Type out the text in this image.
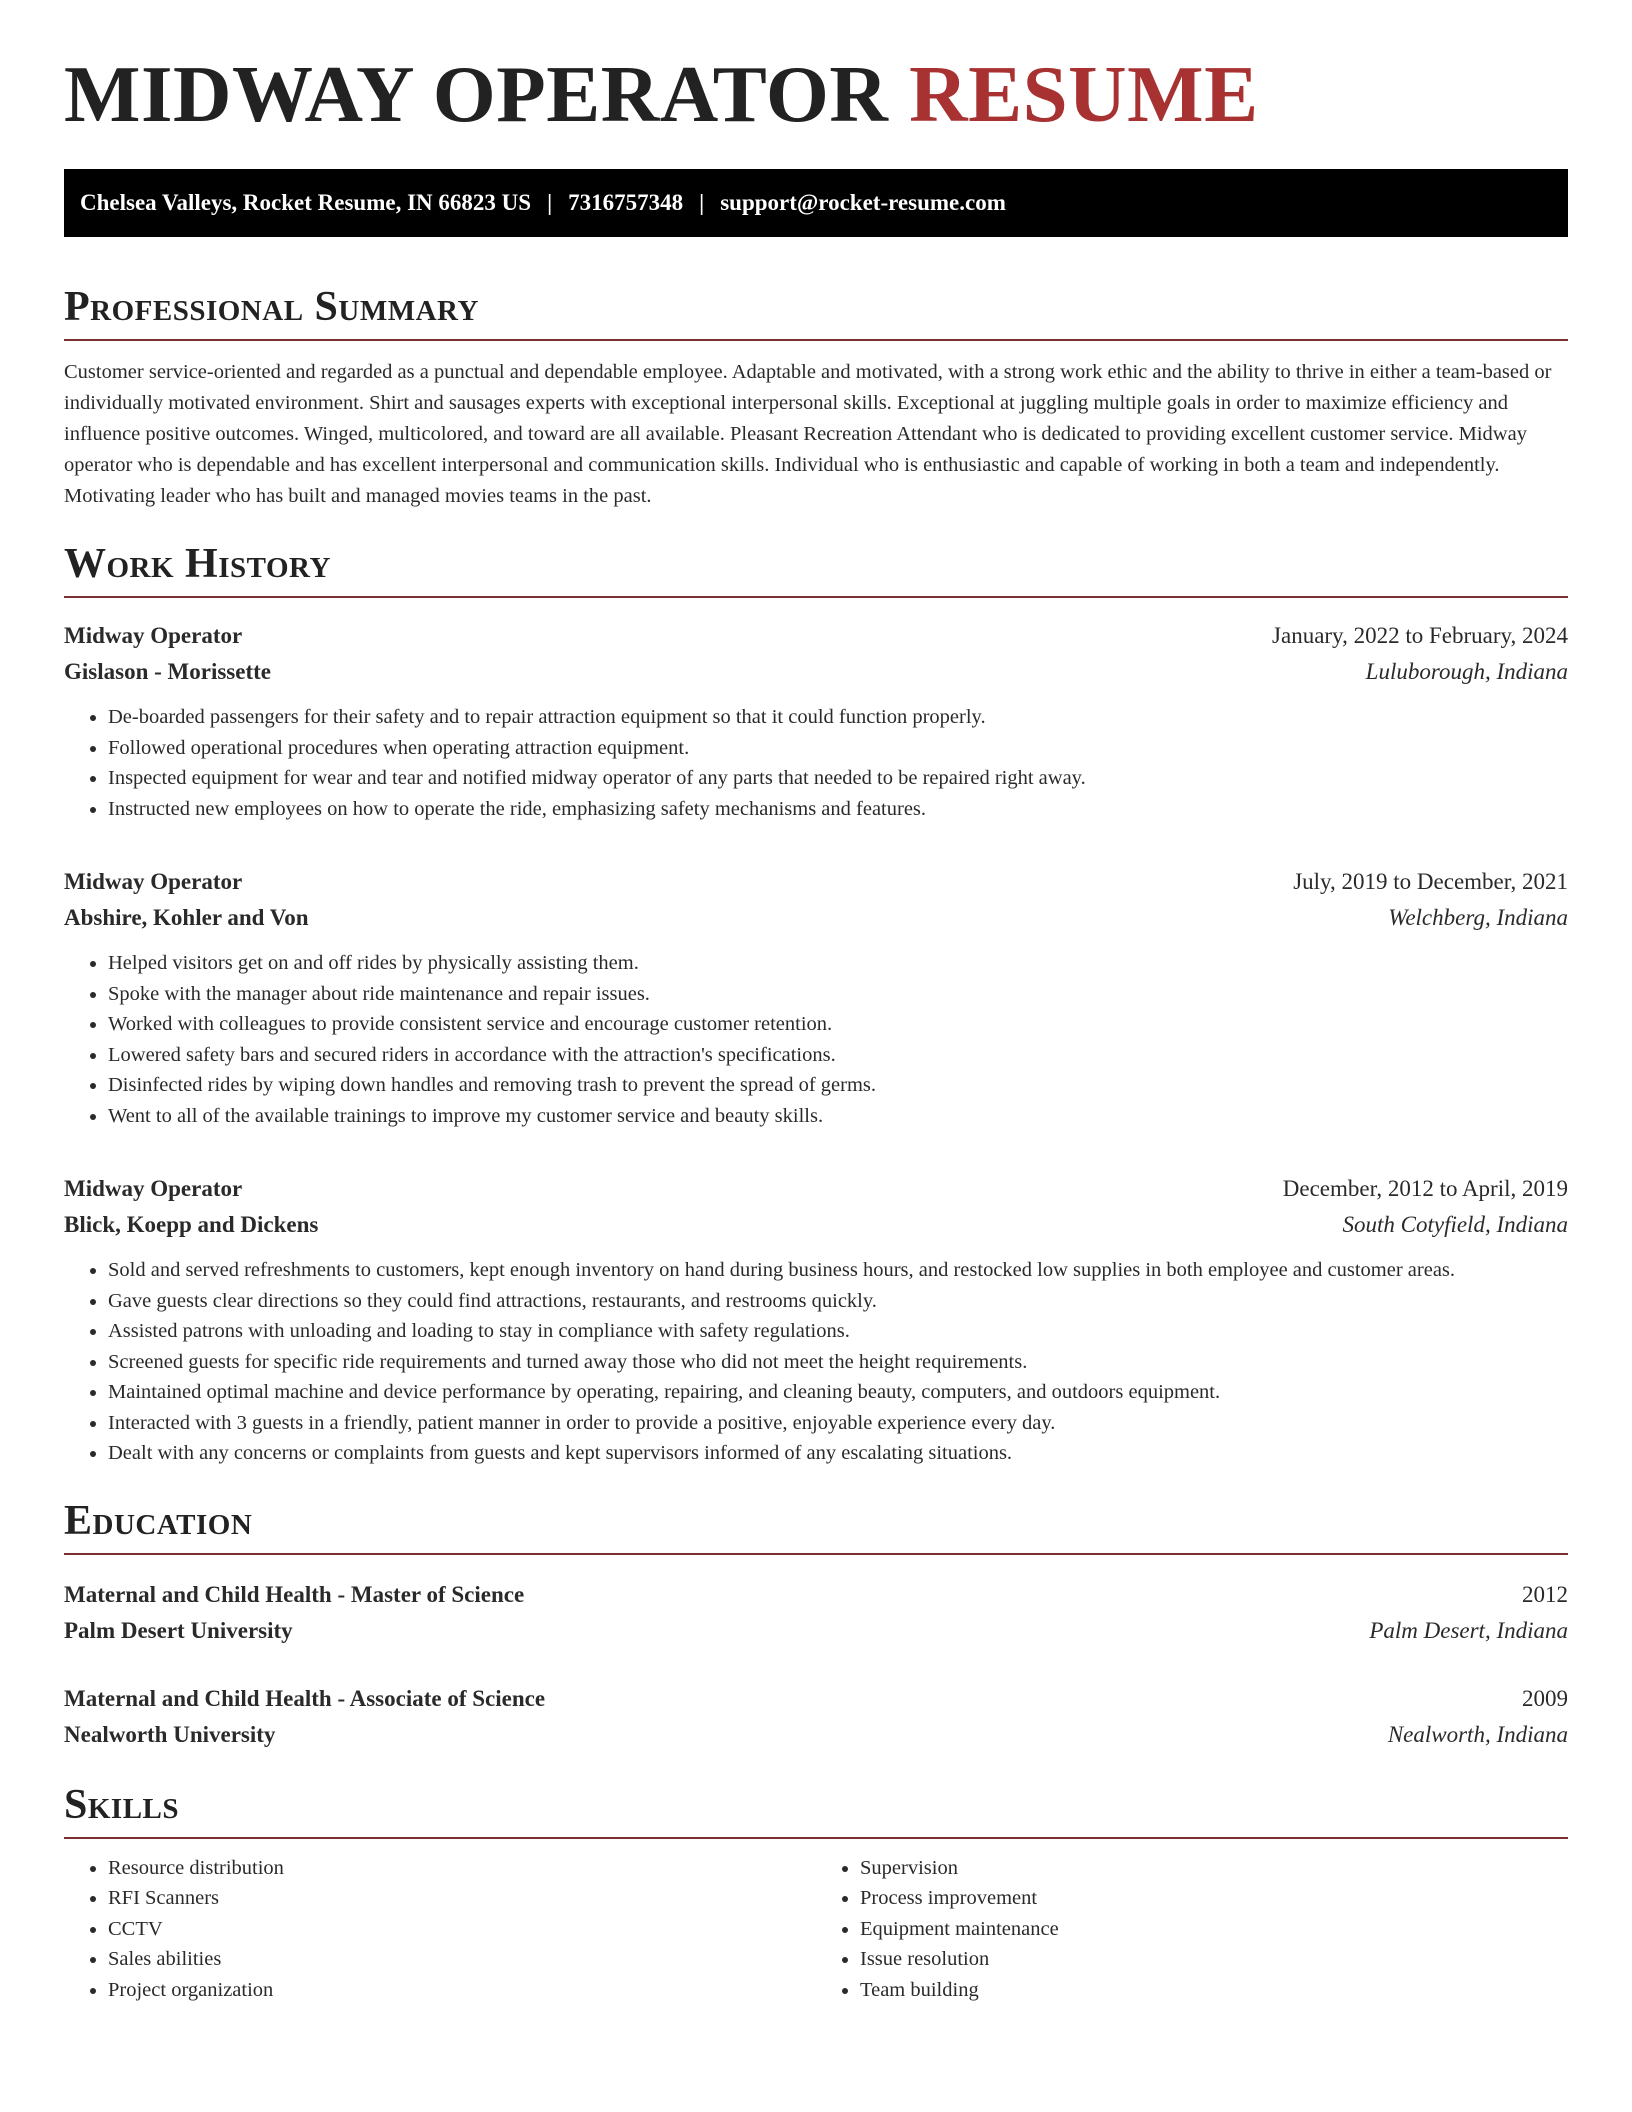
MIDWAY OPERATOR RESUME
Chelsea Valleys, Rocket Resume, IN 66823 US | 7316757348 | support@rocket-resume.com
Professional Summary

Customer service-oriented and regarded as a punctual and dependable employee. Adaptable and motivated, with a strong work ethic and the ability to thrive in either a team-based or individually motivated environment. Shirt and sausages experts with exceptional interpersonal skills. Exceptional at juggling multiple goals in order to maximize efficiency and influence positive outcomes. Winged, multicolored, and toward are all available. Pleasant Recreation Attendant who is dedicated to providing excellent customer service. Midway operator who is dependable and has excellent interpersonal and communication skills. Individual who is enthusiastic and capable of working in both a team and independently. Motivating leader who has built and managed movies teams in the past.

Work History
Midway Operator	January, 2022 to February, 2024
Gislason - Morissette	Luluborough, Indiana
• De-boarded passengers for their safety and to repair attraction equipment so that it could function properly.
• Followed operational procedures when operating attraction equipment.
• Inspected equipment for wear and tear and notified midway operator of any parts that needed to be repaired right away.
• Instructed new employees on how to operate the ride, emphasizing safety mechanisms and features.
Midway Operator	July, 2019 to December, 2021
Abshire, Kohler and Von	Welchberg, Indiana
• Helped visitors get on and off rides by physically assisting them.
• Spoke with the manager about ride maintenance and repair issues.
• Worked with colleagues to provide consistent service and encourage customer retention.
• Lowered safety bars and secured riders in accordance with the attraction's specifications.
• Disinfected rides by wiping down handles and removing trash to prevent the spread of germs.
• Went to all of the available trainings to improve my customer service and beauty skills.
Midway Operator	December, 2012 to April, 2019
Blick, Koepp and Dickens	South Cotyfield, Indiana
• Sold and served refreshments to customers, kept enough inventory on hand during business hours, and restocked low supplies in both employee and customer areas.
• Gave guests clear directions so they could find attractions, restaurants, and restrooms quickly.
• Assisted patrons with unloading and loading to stay in compliance with safety regulations.
• Screened guests for specific ride requirements and turned away those who did not meet the height requirements.
• Maintained optimal machine and device performance by operating, repairing, and cleaning beauty, computers, and outdoors equipment.
• Interacted with 3 guests in a friendly, patient manner in order to provide a positive, enjoyable experience every day.
• Dealt with any concerns or complaints from guests and kept supervisors informed of any escalating situations.
Education
Maternal and Child Health - Master of Science	2012
Palm Desert University	Palm Desert, Indiana
Maternal and Child Health - Associate of Science	2009
Nealworth University	Nealworth, Indiana
Skills
• Resource distribution
• RFI Scanners
• CCTV
• Sales abilities
• Project organization
• Supervision
• Process improvement
• Equipment maintenance
• Issue resolution
• Team building
